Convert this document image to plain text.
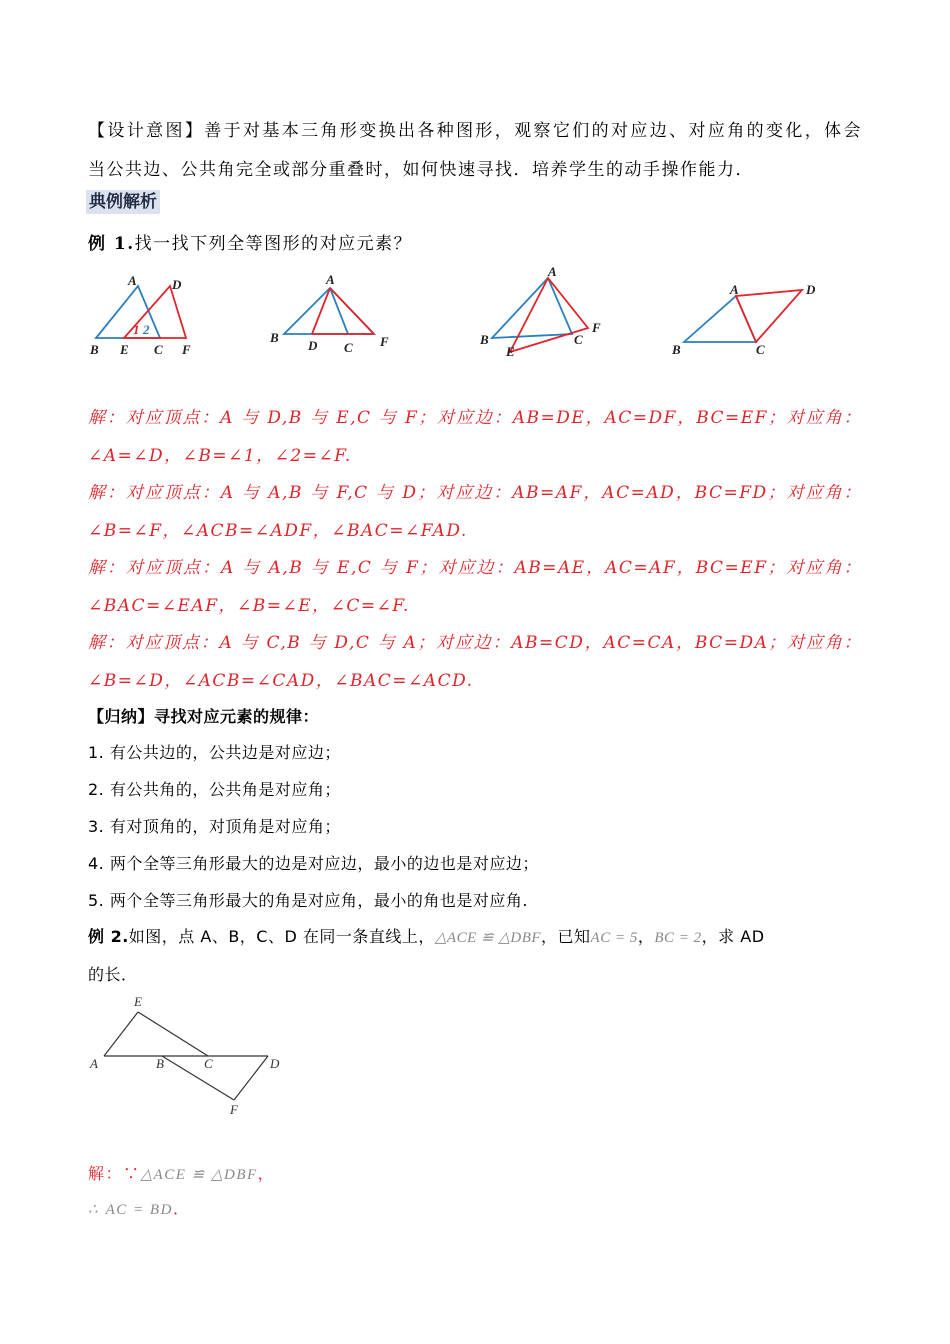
【设计意图】善于对基本三角形变换出各种图形，观察它们的对应边、对应角的变化，体会
当公共边、公共角完全或部分重叠时，如何快速寻找．培养学生的动手操作能力．
典例解析
例 1.找一找下列全等图形的对应元素？
A	D
B E C F
1 2
A
B
D C F
A
B
E
C
F
A	D
B	C
解：对应顶点：A 与 D,B 与 E,C 与 F；对应边：AB=DE，AC=DF，BC=EF；对应角：
∠A=∠D，∠B=∠1，∠2=∠F.
解：对应顶点：A 与 A,B 与 F,C 与 D；对应边：AB=AF，AC=AD，BC=FD；对应角：
∠B=∠F，∠ACB=∠ADF，∠BAC=∠FAD.
解：对应顶点：A 与 A,B 与 E,C 与 F；对应边：AB=AE，AC=AF，BC=EF；对应角：
∠BAC=∠EAF，∠B=∠E，∠C=∠F.
解：对应顶点：A 与 C,B 与 D,C 与 A；对应边：AB=CD，AC=CA，BC=DA；对应角：
∠B=∠D，∠ACB=∠CAD，∠BAC=∠ACD.
【归纳】寻找对应元素的规律：
1. 有公共边的，公共边是对应边；
2. 有公共角的，公共角是对应角；
3. 有对顶角的，对顶角是对应角；
4. 两个全等三角形最大的边是对应边，最小的边也是对应边；
5. 两个全等三角形最大的角是对应角，最小的角也是对应角.
例 2.如图，点 A、B，C、D 在同一条直线上，△ACE ≌ △DBF，已知AC = 5，BC = 2，求 AD
的长．
E
A	B	C	D
F
解：∵△ACE ≌ △DBF，
∴ AC = BD．
